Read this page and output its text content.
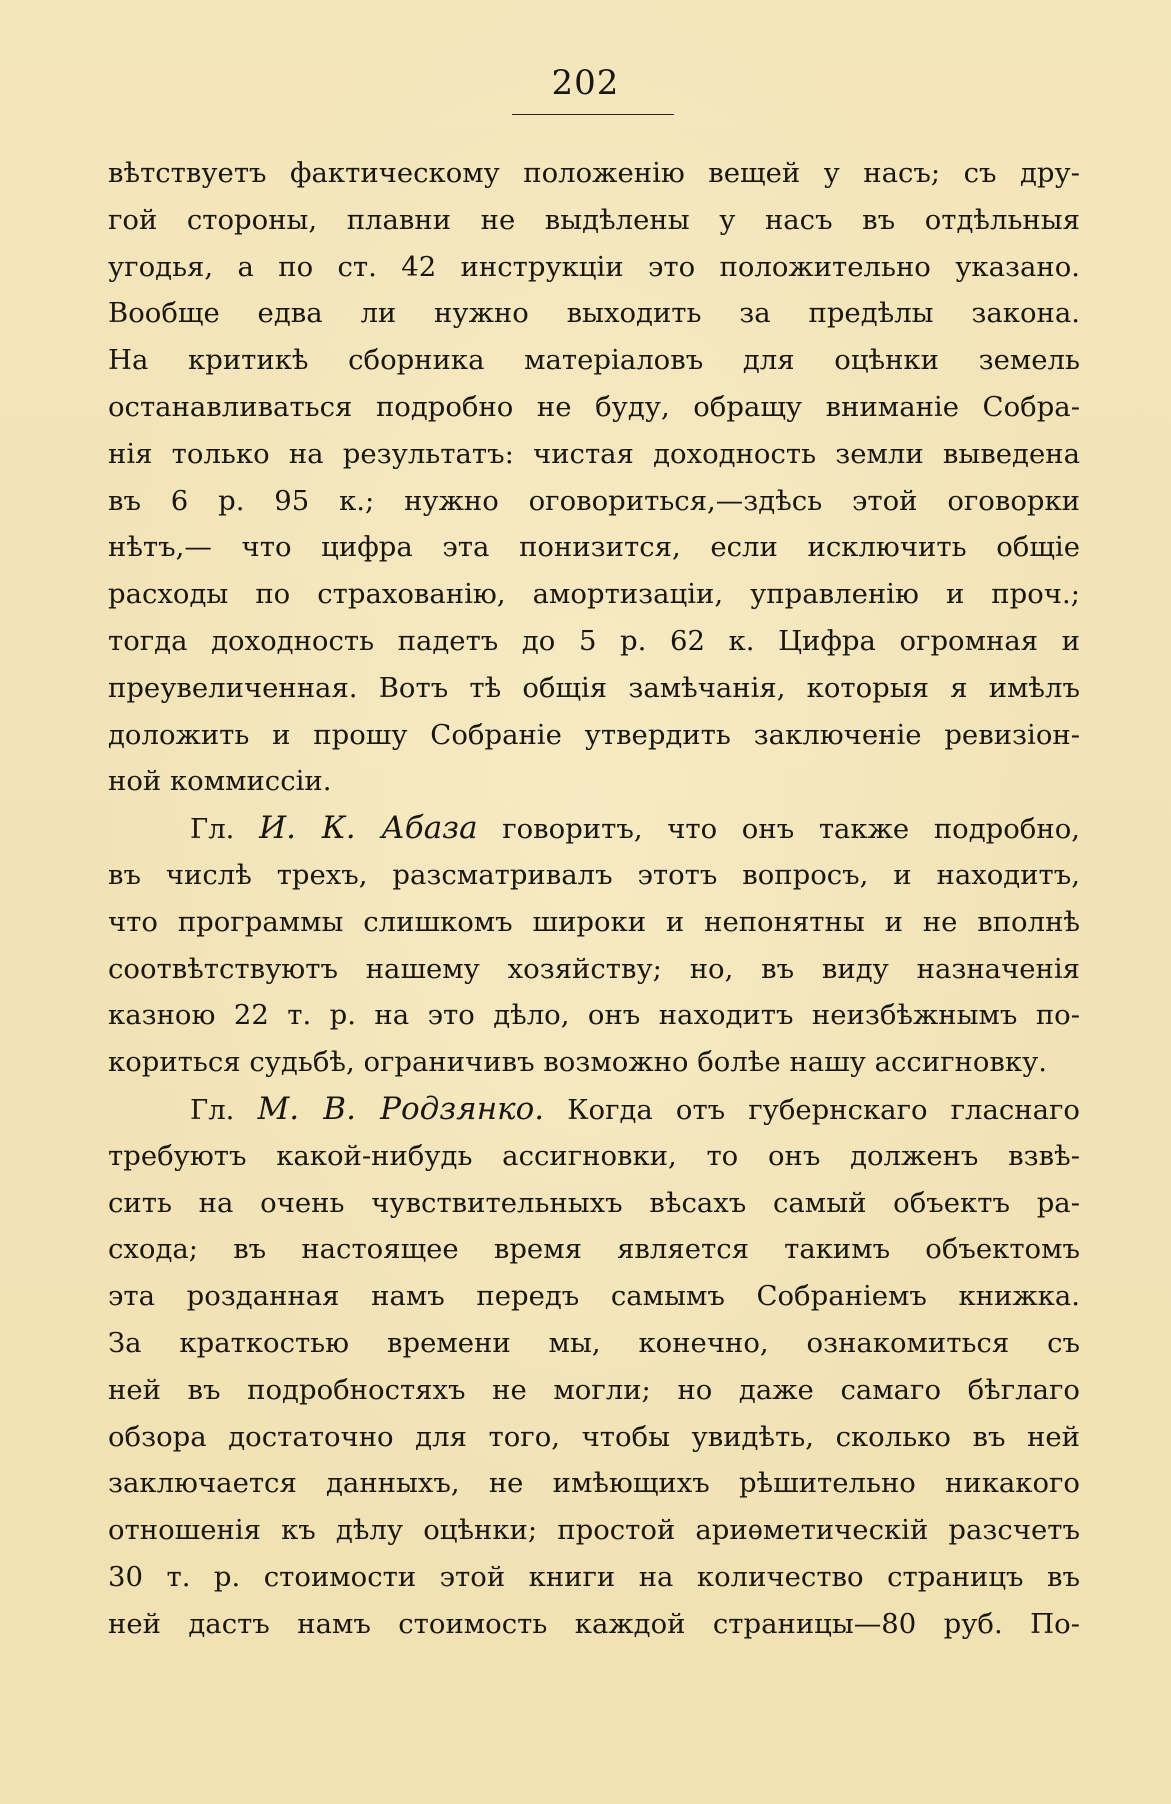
202
вѣтствуетъ фактическому положенію вещей у насъ; съ дру-
гой стороны, плавни не выдѣлены у насъ въ отдѣльныя
угодья, а по ст. 42 инструкціи это положительно указано.
Вообще едва ли нужно выходить за предѣлы закона.
На критикѣ сборника матеріаловъ для оцѣнки земель
останавливаться подробно не буду, обращу вниманіе Собра-
нія только на результатъ: чистая доходность земли выведена
въ 6 р. 95 к.; нужно оговориться,—здѣсь этой оговорки
нѣтъ,— что цифра эта понизится, если исключить общіе
расходы по страхованію, амортизаціи, управленію и проч.;
тогда доходность падетъ до 5 р. 62 к. Цифра огромная и
преувеличенная. Вотъ тѣ общія замѣчанія, которыя я имѣлъ
доложить и прошу Собраніе утвердить заключеніе ревизіон-
ной коммиссіи.
Гл. И. К. Абаза говоритъ, что онъ также подробно,
въ числѣ трехъ, разсматривалъ этотъ вопросъ, и находитъ,
что программы слишкомъ широки и непонятны и не вполнѣ
соотвѣтствуютъ нашему хозяйству; но, въ виду назначенія
казною 22 т. р. на это дѣло, онъ находитъ неизбѣжнымъ по-
кориться судьбѣ, ограничивъ возможно болѣе нашу ассигновку.
Гл. М. В. Родзянко. Когда отъ губернскаго гласнаго
требуютъ какой-нибудь ассигновки, то онъ долженъ взвѣ-
сить на очень чувствительныхъ вѣсахъ самый объектъ ра-
схода; въ настоящее время является такимъ объектомъ
эта розданная намъ передъ самымъ Собраніемъ книжка.
За краткостью времени мы, конечно, ознакомиться съ
ней въ подробностяхъ не могли; но даже самаго бѣглаго
обзора достаточно для того, чтобы увидѣть, сколько въ ней
заключается данныхъ, не имѣющихъ рѣшительно никакого
отношенія къ дѣлу оцѣнки; простой ариѳметическій разсчетъ
30 т. р. стоимости этой книги на количество страницъ въ
ней дастъ намъ стоимость каждой страницы—80 руб. По-
